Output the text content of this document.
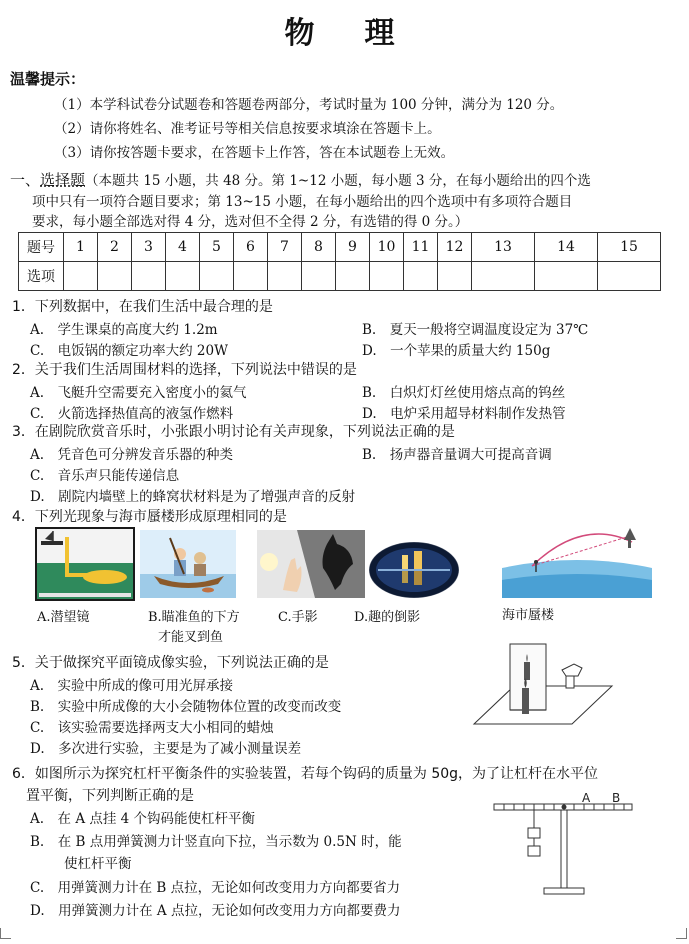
物　理
温馨提示：
（1）本学科试卷分试题卷和答题卷两部分，考试时量为 100 分钟，满分为 120 分。
（2）请你将姓名、准考证号等相关信息按要求填涂在答题卡上。
（3）请你按答题卡要求，在答题卡上作答，答在本试题卷上无效。
一、选择题（本题共 15 小题，共 48 分。第 1~12 小题，每小题 3 分，在每小题给出的四个选
项中只有一项符合题目要求；第 13~15 小题，在每小题给出的四个选项中有多项符合题目
要求，每小题全部选对得 4 分，选对但不全得 2 分，有选错的得 0 分。）
题号	1	2	3	4	5	6	7	8	9	10	11	12	13	14	15
选项															
1．下列数据中，在我们生活中最合理的是
A.　学生课桌的高度大约 1.2m	B.　夏天一般将空调温度设定为 37℃
C.　电饭锅的额定功率大约 20W	D.　一个苹果的质量大约 150g
2．关于我们生活周围材料的选择，下列说法中错误的是
A.　飞艇升空需要充入密度小的氦气	B.　白炽灯灯丝使用熔点高的钨丝
C.　火箭选择热值高的液氢作燃料	D.　电炉采用超导材料制作发热管
3．在剧院欣赏音乐时，小张跟小明讨论有关声现象，下列说法正确的是
A.　凭音色可分辨发音乐器的种类	B.　扬声器音量调大可提高音调
C.　音乐声只能传递信息
D.　剧院内墙壁上的蜂窝状材料是为了增强声音的反射
4．下列光现象与海市蜃楼形成原理相同的是
A.潜望镜	B.瞄准鱼的下方
才能叉到鱼
C.手影	D.趣的倒影	海市蜃楼
5．关于做探究平面镜成像实验，下列说法正确的是
A.　实验中所成的像可用光屏承接
B.　实验中所成像的大小会随物体位置的改变而改变
C.　该实验需要选择两支大小相同的蜡烛
D.　多次进行实验，主要是为了减小测量误差
6．如图所示为探究杠杆平衡条件的实验装置，若每个钩码的质量为 50g，为了让杠杆在水平位
置平衡，下列判断正确的是
A.　在 A 点挂 4 个钩码能使杠杆平衡
B.　在 B 点用弹簧测力计竖直向下拉，当示数为 0.5N 时，能
使杠杆平衡
C.　用弹簧测力计在 B 点拉，无论如何改变用力方向都要省力
D.　用弹簧测力计在 A 点拉，无论如何改变用力方向都要费力
A B
